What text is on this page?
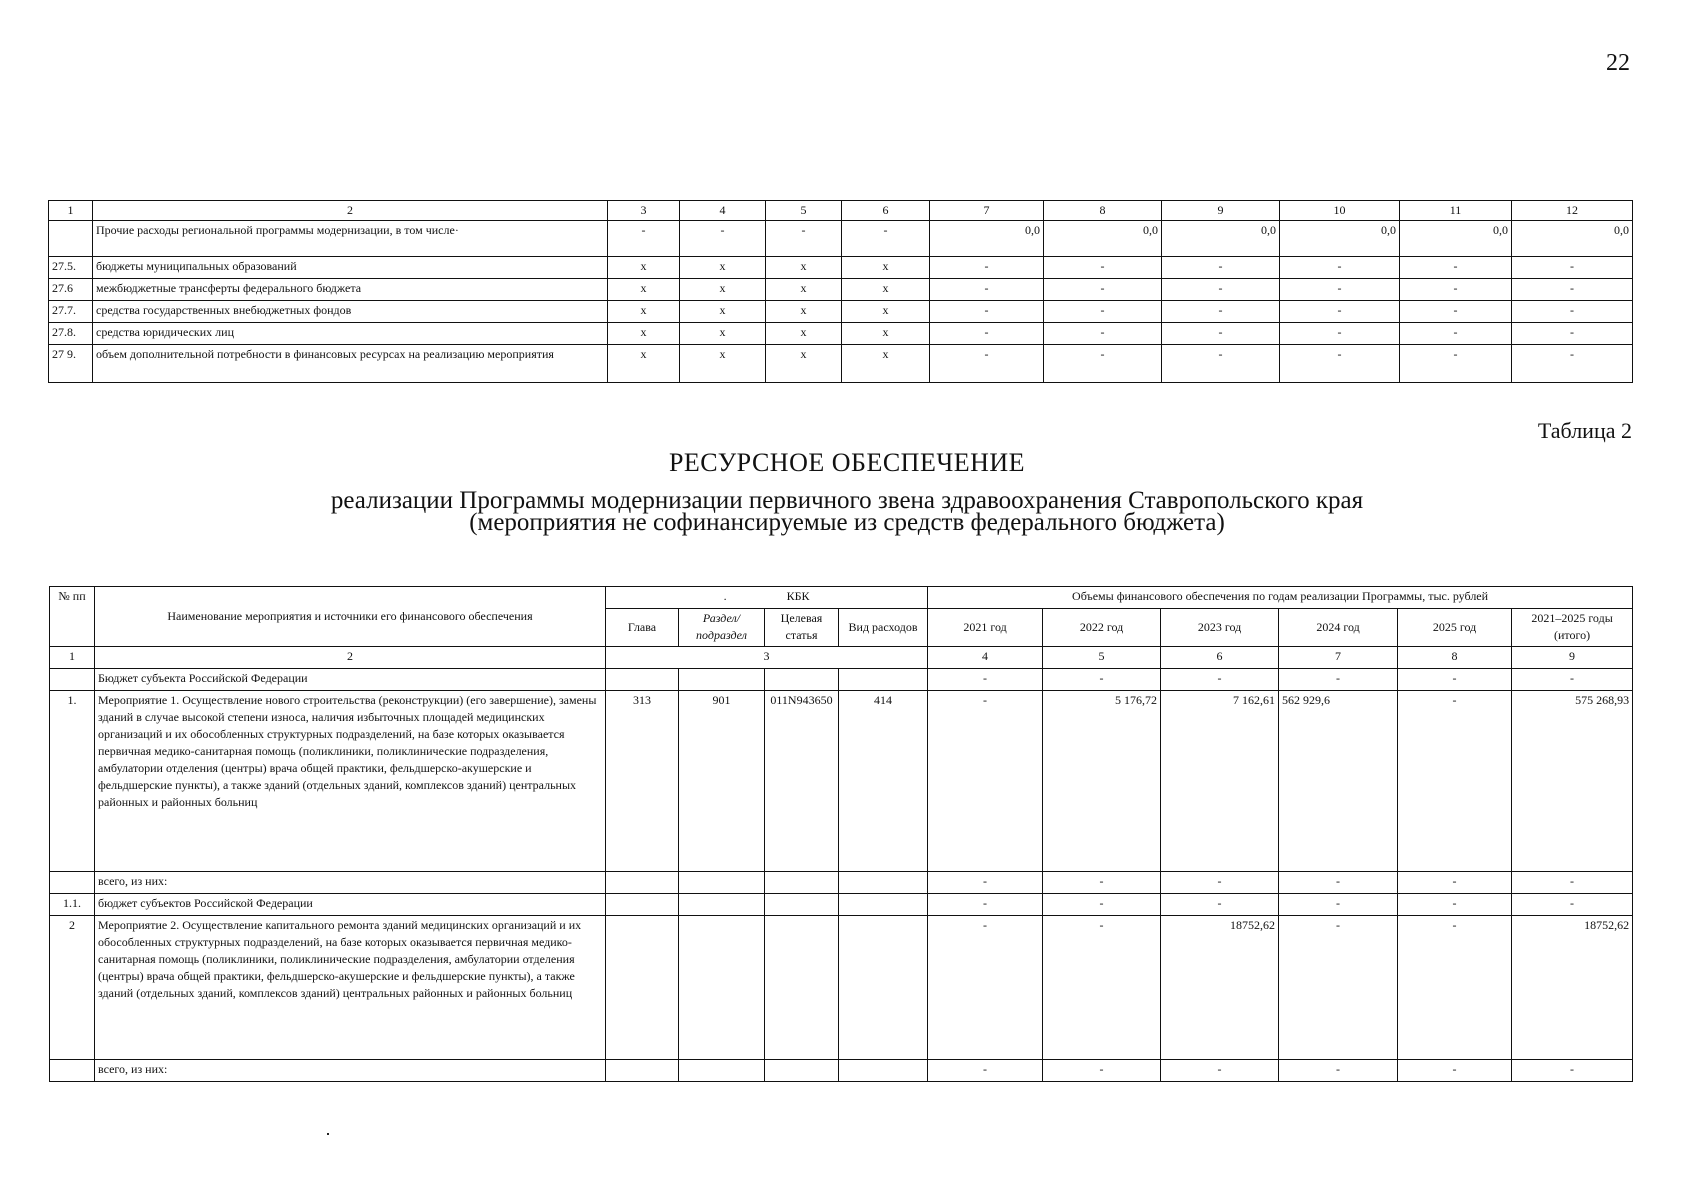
22
1	2	3	4	5	6	7	8	9	10	11	12
	Прочие расходы региональной программы модернизации, в том числе·	-	-	-	-	0,0	0,0	0,0	0,0	0,0	0,0
27.5.	бюджеты муниципальных образований	x	x	x	x	-	-	-	-	-	-
27.6	межбюджетные трансферты федерального бюджета	x	x	x	x	-	-	-	-	-	-
27.7.	средства государственных внебюджетных фондов	x	x	x	x	-	-	-	-	-	-
27.8.	средства юридических лиц	x	x	x	x	-	-	-	-	-	-
27 9.	объем дополнительной потребности в финансовых ресурсах на реализацию мероприятия	x	x	x	x	-	-	-	-	-	-
Таблица 2
РЕСУРСНОЕ ОБЕСПЕЧЕНИЕ
реализации Программы модернизации первичного звена здравоохранения Ставропольского края
(мероприятия не софинансируемые из средств федерального бюджета)
№ пп	Наименование мероприятия и источники его финансового обеспечения	. КБК				Объемы финансового обеспечения по годам реализации Программы, тыс. рублей					
		Глава	Раздел/ подраздел	Целевая статья	Вид расходов	2021 год	2022 год	2023 год	2024 год	2025 год	2021–2025 годы (итого)
1	2	3				4	5	6	7	8	9
	Бюджет субъекта Российской Федерации					-	-	-	-	-	-
1.	Мероприятие 1. Осуществление нового строительства (реконструкции) (его завершение), замены зданий в случае высокой степени износа, наличия избыточных площадей медицинских организаций и их обособленных структурных подразделений, на базе которых оказывается первичная медико-санитарная помощь (поликлиники, поликлинические подразделения, амбулатории отделения (центры) врача общей практики, фельдшерско-акушерские и фельдшерские пункты), а также зданий (отдельных зданий, комплексов зданий) центральных районных и районных больниц	313	901	011N943650	414	-	5 176,72	7 162,61	562 929,6	-	575 268,93
	всего, из них:					-	-	-	-	-	-
1.1.	бюджет субъектов Российской Федерации					-	-	-	-	-	-
2	Мероприятие 2. Осуществление капитального ремонта зданий медицинских организаций и их обособленных структурных подразделений, на базе которых оказывается первичная медико-санитарная помощь (поликлиники, поликлинические подразделения, амбулатории отделения (центры) врача общей практики, фельдшерско-акушерские и фельдшерские пункты), а также зданий (отдельных зданий, комплексов зданий) центральных районных и районных больниц					-	-	18752,62	-	-	18752,62
	всего, из них:					-	-	-	-	-	-
